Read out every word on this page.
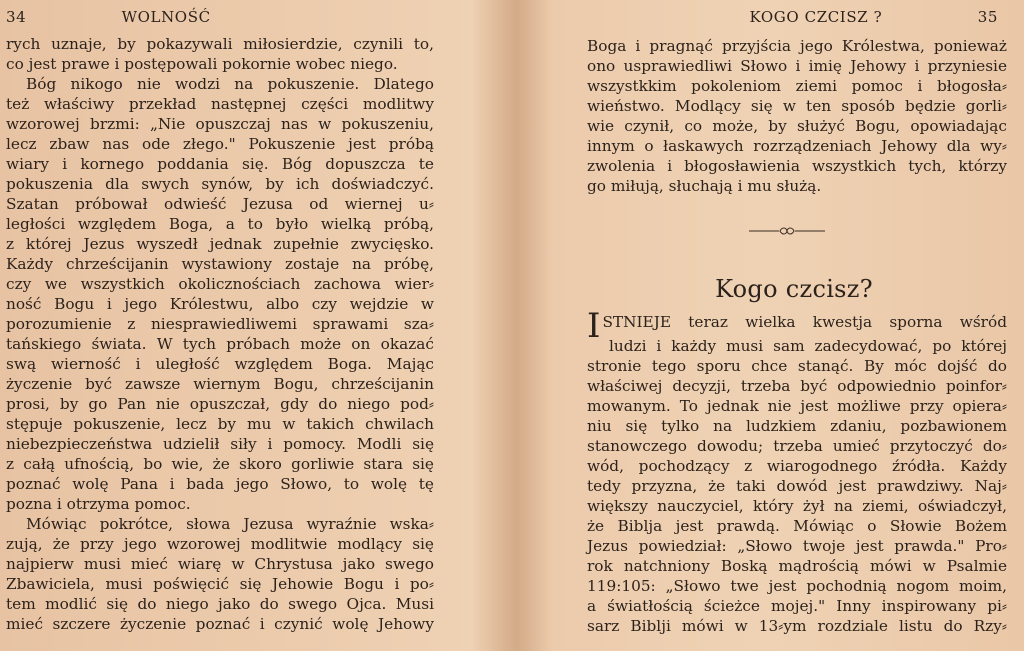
34	WOLNOŚĆ
rych uznaje, by pokazywali miłosierdzie, czynili to,
co jest prawe i postępowali pokornie wobec niego.
Bóg nikogo nie wodzi na pokuszenie. Dlatego
też właściwy przekład następnej części modlitwy
wzorowej brzmi: „Nie opuszczaj nas w pokuszeniu,
lecz zbaw nas ode złego." Pokuszenie jest próbą
wiary i kornego poddania się. Bóg dopuszcza te
pokuszenia dla swych synów, by ich doświadczyć.
Szatan próbował odwieść Jezusa od wiernej u⸗
ległości względem Boga, a to było wielką próbą,
z której Jezus wyszedł jednak zupełnie zwycięsko.
Każdy chrześcijanin wystawiony zostaje na próbę,
czy we wszystkich okolicznościach zachowa wier⸗
ność Bogu i jego Królestwu, albo czy wejdzie w
porozumienie z niesprawiedliwemi sprawami sza⸗
tańskiego świata. W tych próbach może on okazać
swą wierność i uległość względem Boga. Mając
życzenie być zawsze wiernym Bogu, chrześcijanin
prosi, by go Pan nie opuszczał, gdy do niego pod⸗
stępuje pokuszenie, lecz by mu w takich chwilach
niebezpieczeństwa udzielił siły i pomocy. Modli się
z całą ufnością, bo wie, że skoro gorliwie stara się
poznać wolę Pana i bada jego Słowo, to wolę tę
pozna i otrzyma pomoc.
Mówiąc pokrótce, słowa Jezusa wyraźnie wska⸗
zują, że przy jego wzorowej modlitwie modlący się
najpierw musi mieć wiarę w Chrystusa jako swego
Zbawiciela, musi poświęcić się Jehowie Bogu i po⸗
tem modlić się do niego jako do swego Ojca. Musi
mieć szczere życzenie poznać i czynić wolę Jehowy
KOGO CZCISZ ?	35
Boga i pragnąć przyjścia jego Królestwa, ponieważ
ono usprawiedliwi Słowo i imię Jehowy i przyniesie
wszystkkim pokoleniom ziemi pomoc i błogosła⸗
wieństwo. Modlący się w ten sposób będzie gorli⸗
wie czynił, co może, by służyć Bogu, opowiadając
innym o łaskawych rozrządzeniach Jehowy dla wy⸗
zwolenia i błogosławienia wszystkich tych, którzy
go miłują, słuchają i mu służą.
Kogo czcisz?
ISTNIEJE teraz wielka kwestja sporna wśród
ludzi i każdy musi sam zadecydować, po której
stronie tego sporu chce stanąć. By móc dojść do
właściwej decyzji, trzeba być odpowiednio poinfor⸗
mowanym. To jednak nie jest możliwe przy opiera⸗
niu się tylko na ludzkiem zdaniu, pozbawionem
stanowczego dowodu; trzeba umieć przytoczyć do⸗
wód, pochodzący z wiarogodnego źródła. Każdy
tedy przyzna, że taki dowód jest prawdziwy. Naj⸗
większy nauczyciel, który żył na ziemi, oświadczył,
że Biblja jest prawdą. Mówiąc o Słowie Bożem
Jezus powiedział: „Słowo twoje jest prawda." Pro⸗
rok natchniony Boską mądrością mówi w Psalmie
119:105: „Słowo twe jest pochodnią nogom moim,
a światłością ścieżce mojej." Inny inspirowany pi⸗
sarz Biblji mówi w 13⸗ym rozdziale listu do Rzy⸗
